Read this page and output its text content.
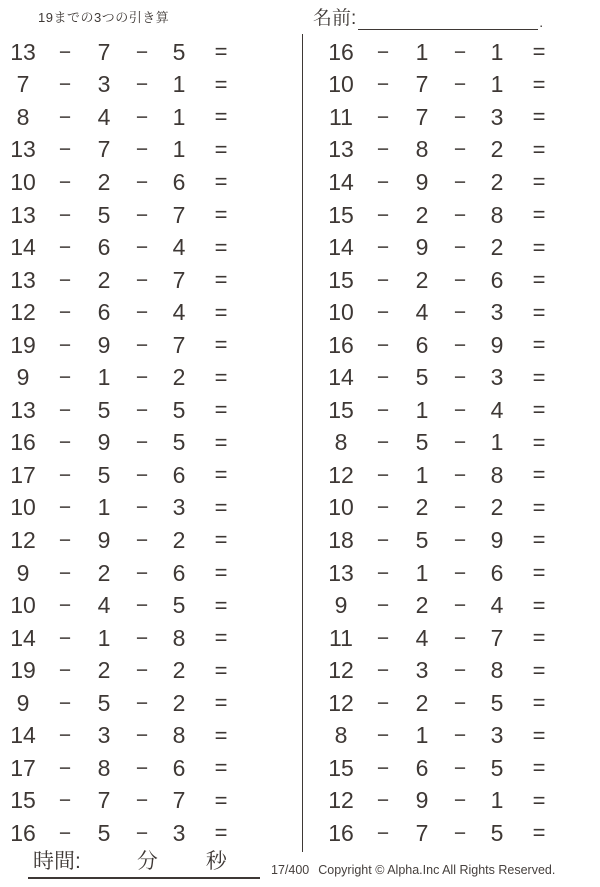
19までの3つの引き算	名前:	.
13	−	7	−	5	=
7	−	3	−	1	=
8	−	4	−	1	=
13	−	7	−	1	=
10	−	2	−	6	=
13	−	5	−	7	=
14	−	6	−	4	=
13	−	2	−	7	=
12	−	6	−	4	=
19	−	9	−	7	=
9	−	1	−	2	=
13	−	5	−	5	=
16	−	9	−	5	=
17	−	5	−	6	=
10	−	1	−	3	=
12	−	9	−	2	=
9	−	2	−	6	=
10	−	4	−	5	=
14	−	1	−	8	=
19	−	2	−	2	=
9	−	5	−	2	=
14	−	3	−	8	=
17	−	8	−	6	=
15	−	7	−	7	=
16	−	5	−	3	=
16	−	1	−	1	=
10	−	7	−	1	=
11	−	7	−	3	=
13	−	8	−	2	=
14	−	9	−	2	=
15	−	2	−	8	=
14	−	9	−	2	=
15	−	2	−	6	=
10	−	4	−	3	=
16	−	6	−	9	=
14	−	5	−	3	=
15	−	1	−	4	=
8	−	5	−	1	=
12	−	1	−	8	=
10	−	2	−	2	=
18	−	5	−	9	=
13	−	1	−	6	=
9	−	2	−	4	=
11	−	4	−	7	=
12	−	3	−	8	=
12	−	2	−	5	=
8	−	1	−	3	=
15	−	6	−	5	=
12	−	9	−	1	=
16	−	7	−	5	=
時間:	分 秒	17/400 Copyright © Alpha.Inc All Rights Reserved.
